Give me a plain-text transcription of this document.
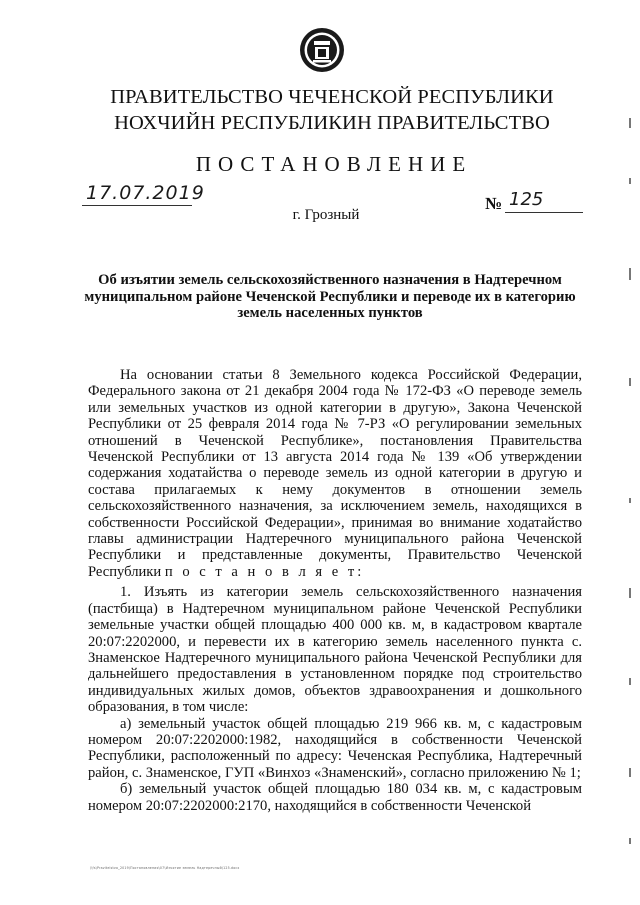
ПРАВИТЕЛЬСТВО ЧЕЧЕНСКОЙ РЕСПУБЛИКИ
НОХЧИЙН РЕСПУБЛИКИН ПРАВИТЕЛЬСТВО
ПОСТАНОВЛЕНИЕ
17.07.2019	№ 125
г. Грозный
Об изъятии земель сельскохозяйственного назначения в Надтеречном муниципальном районе Чеченской Республики и переводе их в категорию земель населенных пунктов

На основании статьи 8 Земельного кодекса Российской Федерации, Федерального закона от 21 декабря 2004 года № 172-ФЗ «О переводе земель или земельных участков из одной категории в другую», Закона Чеченской Республики от 25 февраля 2014 года № 7-РЗ «О регулировании земельных отношений в Чеченской Республике», постановления Правительства Чеченской Республики от 13 августа 2014 года № 139 «Об утверждении содержания ходатайства о переводе земель из одной категории в другую и состава прилагаемых к нему документов в отношении земель сельскохозяйственного назначения, за исключением земель, находящихся в собственности Российской Федерации», принимая во внимание ходатайство главы администрации Надтеречного муниципального района Чеченской Республики и представленные документы, Правительство Чеченской Республики п о с т а н о в л я е т:

1. Изъять из категории земель сельскохозяйственного назначения (пастбища) в Надтеречном муниципальном районе Чеченской Республики земельные участки общей площадью 400 000 кв. м, в кадастровом квартале 20:07:2202000, и перевести их в категорию земель населенного пункта с. Знаменское Надтеречного муниципального района Чеченской Республики для дальнейшего предоставления в установленном порядке под строительство индивидуальных жилых домов, объектов здравоохранения и дошкольного образования, в том числе:

а) земельный участок общей площадью 219 966 кв. м, с кадастровым номером 20:07:2202000:1982, находящийся в собственности Чеченской Республики, расположенный по адресу: Чеченская Республика, Надтеречный район, с. Знаменское, ГУП «Винхоз «Знаменский», согласно приложению № 1;

б) земельный участок общей площадью 180 034 кв. м, с кадастровым номером 20:07:2202000:2170, находящийся в собственности Чеченской

\\fs\Pravitelstvo_2019\Постановления\07\Изъятие земель Надтеречный\125.docx
